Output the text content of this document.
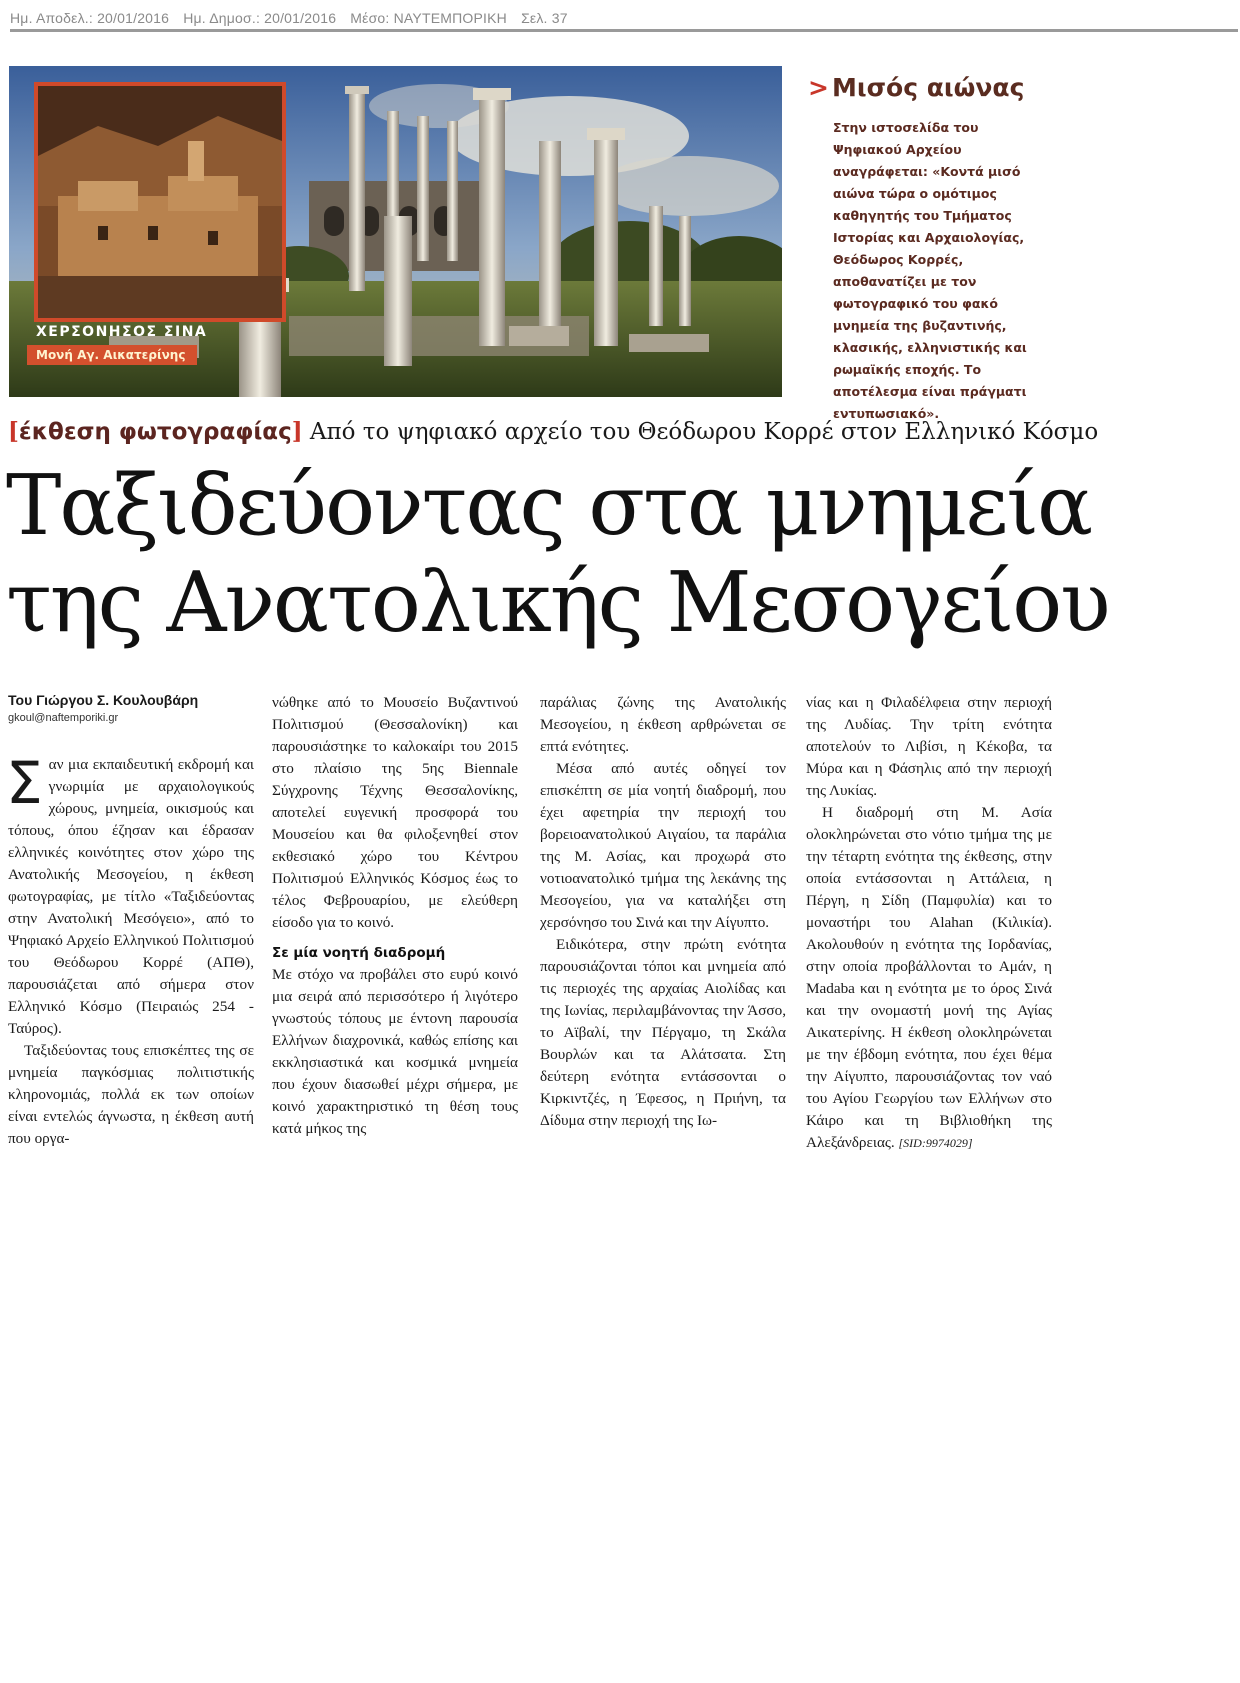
Ημ. Αποδελ.: 20/01/2016 Ημ. Δημοσ.: 20/01/2016 Μέσο: ΝΑΥΤΕΜΠΟΡΙΚΗ Σελ. 37
ΧΕΡΣΟΝΗΣΟΣ ΣΙΝΑ
Μονή Αγ. Αικατερίνης
> Μισός αιώνας

Στην ιστοσελίδα του Ψηφιακού Αρχείου αναγράφεται: «Κοντά μισό αιώνα τώρα ο ομότιμος καθηγητής του Τμήματος Ιστορίας και Αρχαιολογίας, Θεόδωρος Κορρές, αποθανατίζει με τον φωτογραφικό του φακό μνημεία της βυζαντινής, κλασικής, ελληνιστικής και ρωμαϊκής εποχής. Το αποτέλεσμα είναι πράγματι εντυπωσιακό».

[έκθεση φωτογραφίας] Από το ψηφιακό αρχείο του Θεόδωρου Κορρέ στον Ελληνικό Κόσμο
Ταξιδεύοντας στα μνημεία
της Ανατολικής Μεσογείου
Του Γιώργου Σ. Κουλουβάρη
gkoul@naftemporiki.gr

Σαν μια εκπαιδευτική εκδρομή και γνωριμία με αρχαιολογικούς χώρους, μνημεία, οικισμούς και τόπους, όπου έζησαν και έδρασαν ελληνικές κοινότητες στον χώρο της Ανατολικής Μεσογείου, η έκθεση φωτογραφίας, με τίτλο «Ταξιδεύοντας στην Ανατολική Μεσόγειο», από το Ψηφιακό Αρχείο Ελληνικού Πολιτισμού του Θεόδωρου Κορρέ (ΑΠΘ), παρουσιάζεται από σήμερα στον Ελληνικό Κόσμο (Πειραιώς 254 - Ταύρος).

Ταξιδεύοντας τους επισκέπτες της σε μνημεία παγκόσμιας πολιτιστικής κληρονομιάς, πολλά εκ των οποίων είναι εντελώς άγνωστα, η έκθεση αυτή που οργα-

νώθηκε από το Μουσείο Βυζαντινού Πολιτισμού (Θεσσαλονίκη) και παρουσιάστηκε το καλοκαίρι του 2015 στο πλαίσιο της 5ης Biennale Σύγχρονης Τέχνης Θεσσαλονίκης, αποτελεί ευγενική προσφορά του Μουσείου και θα φιλοξενηθεί στον εκθεσιακό χώρο του Κέντρου Πολιτισμού Ελληνικός Κόσμος έως το τέλος Φεβρουαρίου, με ελεύθερη είσοδο για το κοινό.

Σε μία νοητή διαδρομή

Με στόχο να προβάλει στο ευρύ κοινό μια σειρά από περισσότερο ή λιγότερο γνωστούς τόπους με έντονη παρουσία Ελλήνων διαχρονικά, καθώς επίσης και εκκλησιαστικά και κοσμικά μνημεία που έχουν διασωθεί μέχρι σήμερα, με κοινό χαρακτηριστικό τη θέση τους κατά μήκος της

παράλιας ζώνης της Ανατολικής Μεσογείου, η έκθεση αρθρώνεται σε επτά ενότητες.

Μέσα από αυτές οδηγεί τον επισκέπτη σε μία νοητή διαδρομή, που έχει αφετηρία την περιοχή του βορειοανατολικού Αιγαίου, τα παράλια της Μ. Ασίας, και προχωρά στο νοτιοανατολικό τμήμα της λεκάνης της Μεσογείου, για να καταλήξει στη χερσόνησο του Σινά και την Αίγυπτο.

Ειδικότερα, στην πρώτη ενότητα παρουσιάζονται τόποι και μνημεία από τις περιοχές της αρχαίας Αιολίδας και της Ιωνίας, περιλαμβάνοντας την Άσσο, το Αϊβαλί, την Πέργαμο, τη Σκάλα Βουρλών και τα Αλάτσατα. Στη δεύτερη ενότητα εντάσσονται ο Κιρκιντζές, η Έφεσος, η Πριήνη, τα Δίδυμα στην περιοχή της Ιω-

νίας και η Φιλαδέλφεια στην περιοχή της Λυδίας. Την τρίτη ενότητα αποτελούν το Λιβίσι, η Κέκοβα, τα Μύρα και η Φάσηλις από την περιοχή της Λυκίας.

Η διαδρομή στη Μ. Ασία ολοκληρώνεται στο νότιο τμήμα της με την τέταρτη ενότητα της έκθεσης, στην οποία εντάσσονται η Αττάλεια, η Πέργη, η Σίδη (Παμφυλία) και το μοναστήρι του Alahan (Κιλικία). Ακολουθούν η ενότητα της Ιορδανίας, στην οποία προβάλλονται το Αμάν, η Madaba και η ενότητα με το όρος Σινά και την ονομαστή μονή της Αγίας Αικατερίνης. Η έκθεση ολοκληρώνεται με την έβδομη ενότητα, που έχει θέμα την Αίγυπτο, παρουσιάζοντας τον ναό του Αγίου Γεωργίου των Ελλήνων στο Κάιρο και τη Βιβλιοθήκη της Αλεξάνδρειας. [SID:9974029]
